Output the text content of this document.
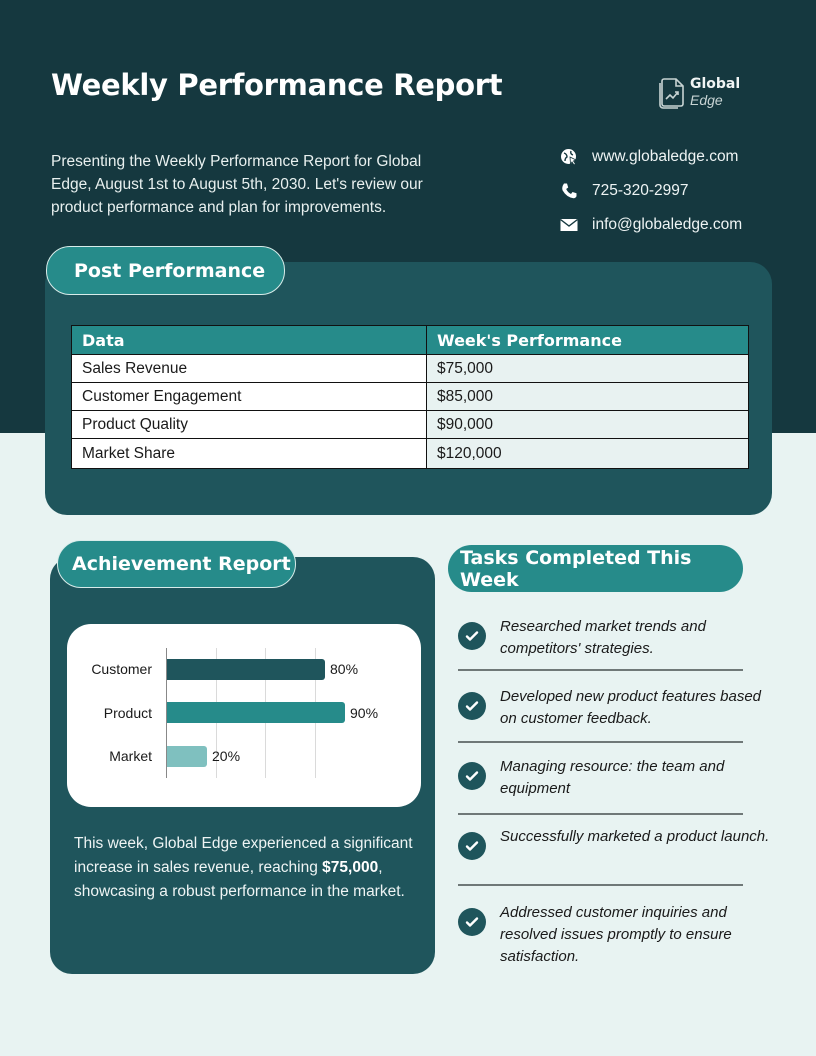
Weekly Performance Report

Presenting the Weekly Performance Report for Global Edge, August 1st to August 5th, 2030. Let's review our product performance and plan for improvements.

Global
Edge
www.globaledge.com
725-320-2997
info@globaledge.com
Post Performance
Data	Week's Performance
Sales Revenue	$75,000
Customer Engagement	$85,000
Product Quality	$90,000
Market Share	$120,000
Achievement Report
Customer
Product
Market
80%
90%
20%

This week, Global Edge experienced a significant increase in sales revenue, reaching $75,000, showcasing a robust performance in the market.

Tasks Completed This Week
Researched market trends and competitors' strategies.
Developed new product features based on customer feedback.
Managing resource: the team and equipment
Successfully marketed a product launch.
Addressed customer inquiries and resolved issues promptly to ensure satisfaction.
